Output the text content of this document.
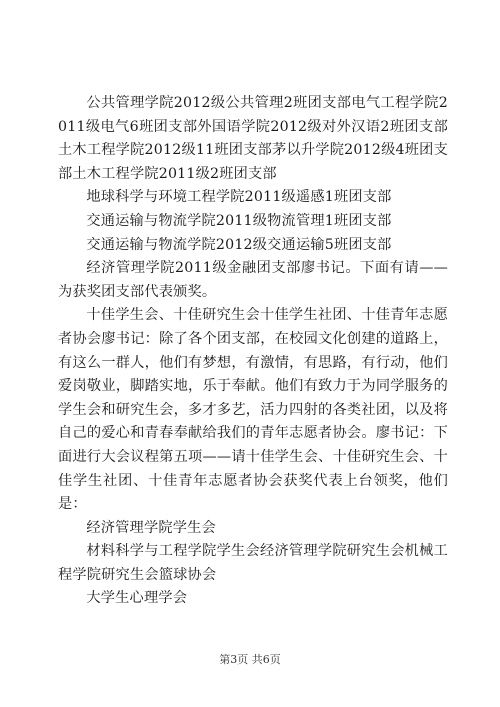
公共管理学院2012级公共管理2班团支部电气工程学院2011级电气6班团支部外国语学院2012级对外汉语2班团支部土木工程学院2012级11班团支部茅以升学院2012级4班团支部土木工程学院2011级2班团支部

地球科学与环境工程学院2011级遥感1班团支部

交通运输与物流学院2011级物流管理1班团支部

交通运输与物流学院2012级交通运输5班团支部

经济管理学院2011级金融团支部廖书记。下面有请——为获奖团支部代表颁奖。

十佳学生会、十佳研究生会十佳学生社团、十佳青年志愿者协会廖书记：除了各个团支部，在校园文化创建的道路上，有这么一群人，他们有梦想，有激情，有思路，有行动，他们爱岗敬业，脚踏实地，乐于奉献。他们有致力于为同学服务的学生会和研究生会，多才多艺，活力四射的各类社团，以及将自己的爱心和青春奉献给我们的青年志愿者协会。廖书记：下面进行大会议程第五项——请十佳学生会、十佳研究生会、十佳学生社团、十佳青年志愿者协会获奖代表上台领奖，他们是：

经济管理学院学生会

材料科学与工程学院学生会经济管理学院研究生会机械工程学院研究生会篮球协会

大学生心理学会

第3页 共6页
